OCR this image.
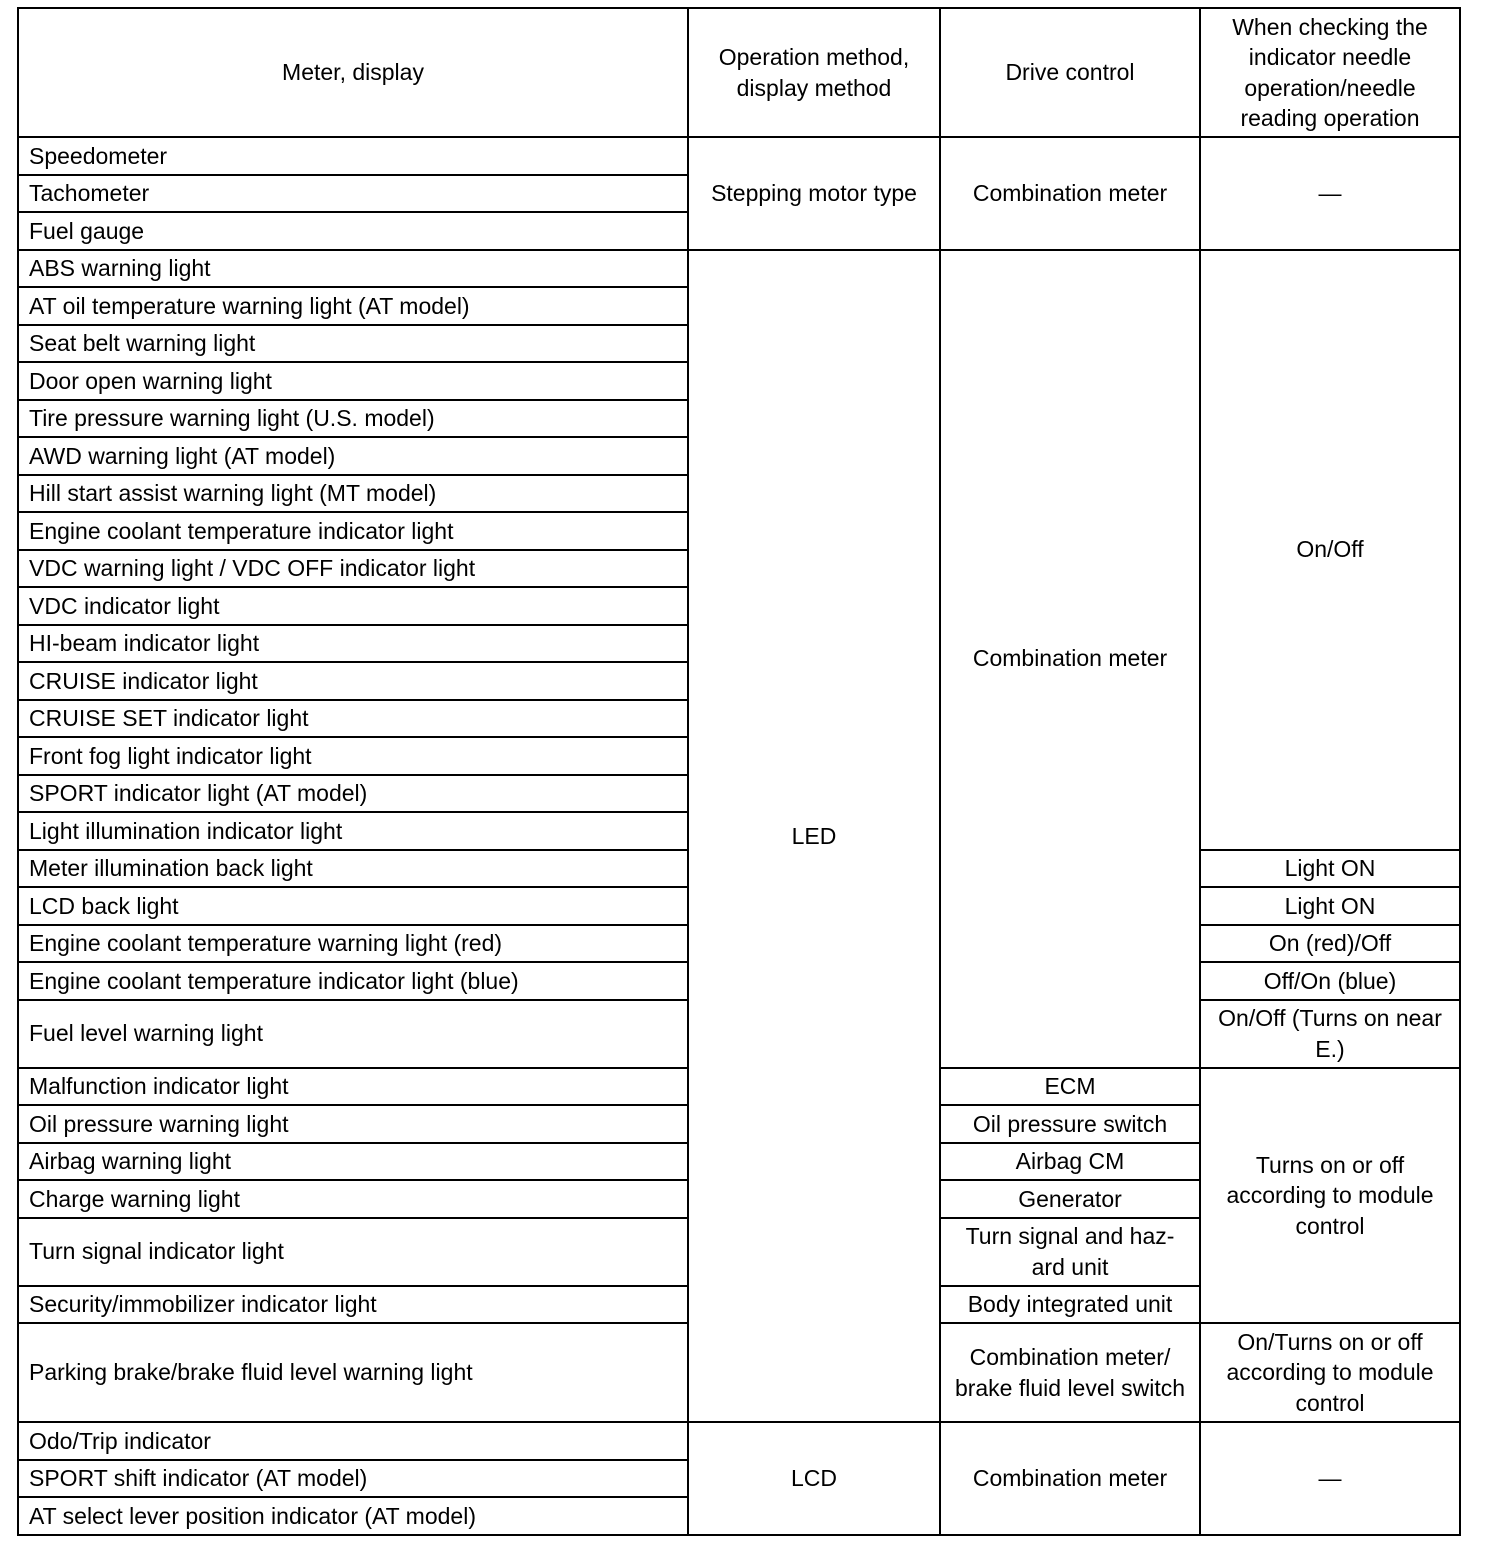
Meter, display	Operation method, display method	Drive control	When checking the indicator needle operation/needle reading operation
Speedometer	Stepping motor type	Combination meter	—
Tachometer			
Fuel gauge			
ABS warning light	LED	Combination meter	On/Off
AT oil temperature warning light (AT model)			
Seat belt warning light			
Door open warning light			
Tire pressure warning light (U.S. model)			
AWD warning light (AT model)			
Hill start assist warning light (MT model)			
Engine coolant temperature indicator light			
VDC warning light / VDC OFF indicator light			
VDC indicator light			
HI-beam indicator light			
CRUISE indicator light			
CRUISE SET indicator light			
Front fog light indicator light			
SPORT indicator light (AT model)			
Light illumination indicator light			
Meter illumination back light			Light ON
LCD back light			Light ON
Engine coolant temperature warning light (red)			On (red)/Off
Engine coolant temperature indicator light (blue)			Off/On (blue)
Fuel level warning light			On/Off (Turns on near E.)
Malfunction indicator light		ECM	Turns on or off according to module control
Oil pressure warning light		Oil pressure switch	
Airbag warning light		Airbag CM	
Charge warning light		Generator	
Turn signal indicator light		Turn signal and haz-ard unit	
Security/immobilizer indicator light		Body integrated unit	
Parking brake/brake fluid level warning light		Combination meter/ brake fluid level switch	On/Turns on or off according to module control
Odo/Trip indicator	LCD	Combination meter	—
SPORT shift indicator (AT model)			
AT select lever position indicator (AT model)			
